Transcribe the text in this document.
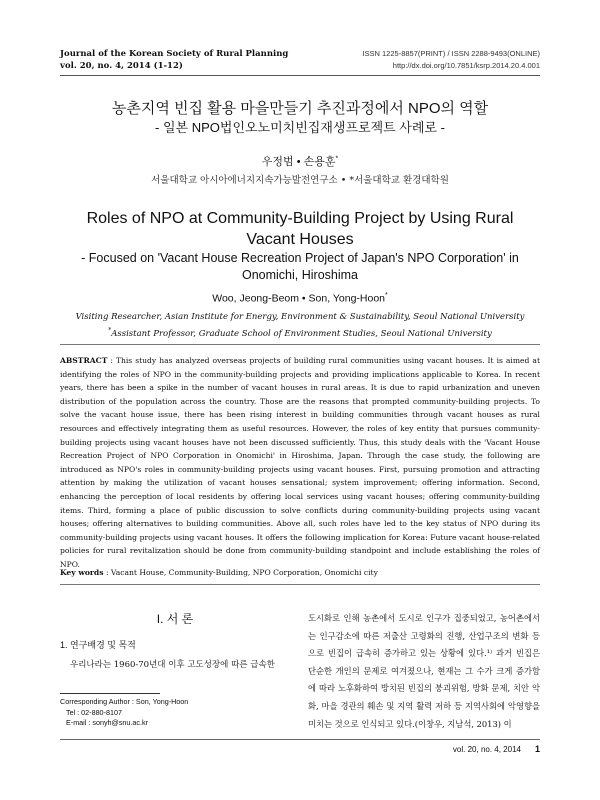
Journal of the Korean Society of Rural Planning
vol. 20, no. 4, 2014 (1-12)
ISSN 1225-8857(PRINT) / ISSN 2288-9493(ONLINE)
http://dx.doi.org/10.7851/ksrp.2014.20.4.001
농촌지역 빈집 활용 마을만들기 추진과정에서 NPO의 역할
- 일본 NPO법인오노미치빈집재생프로젝트 사례로 -
우정범 • 손용훈*
서울대학교 아시아에너지지속가능발전연구소 • *서울대학교 환경대학원
Roles of NPO at Community-Building Project by Using Rural Vacant Houses
- Focused on 'Vacant House Recreation Project of Japan's NPO Corporation' in Onomichi, Hiroshima
Woo, Jeong-Beom • Son, Yong-Hoon*
Visiting Researcher, Asian Institute for Energy, Environment & Sustainability, Seoul National University
*Assistant Professor, Graduate School of Environment Studies, Seoul National University
ABSTRACT : This study has analyzed overseas projects of building rural communities using vacant houses. It is aimed at identifying the roles of NPO in the community-building projects and providing implications applicable to Korea. In recent years, there has been a spike in the number of vacant houses in rural areas. It is due to rapid urbanization and uneven distribution of the population across the country. Those are the reasons that prompted community-building projects. To solve the vacant house issue, there has been rising interest in building communities through vacant houses as rural resources and effectively integrating them as useful resources. However, the roles of key entity that pursues community-building projects using vacant houses have not been discussed sufficiently. Thus, this study deals with the 'Vacant House Recreation Project of NPO Corporation in Onomichi' in Hiroshima, Japan. Through the case study, the following are introduced as NPO's roles in community-building projects using vacant houses. First, pursuing promotion and attracting attention by making the utilization of vacant houses sensational; system improvement; offering information. Second, enhancing the perception of local residents by offering local services using vacant houses; offering community-building items. Third, forming a place of public discussion to solve conflicts during community-building projects using vacant houses; offering alternatives to building communities. Above all, such roles have led to the key status of NPO during its community-building projects using vacant houses. It offers the following implication for Korea: Future vacant house-related policies for rural revitalization should be done from community-building standpoint and include establishing the roles of NPO.
Key words : Vacant House, Community-Building, NPO Corporation, Onomichi city
I. 서 론
1. 연구배경 및 목적
우리나라는 1960-70년대 이후 고도성장에 따른 급속한
Corresponding Author : Son, Yong-Hoon
Tel : 02-880-8107
E-mail : sonyh@snu.ac.kr
도시화로 인해 농촌에서 도시로 인구가 집중되었고, 농어촌에서는 인구감소에 따른 저출산 고령화의 진행, 산업구조의 변화 등으로 빈집이 급속히 증가하고 있는 상황에 있다.¹⁾ 과거 빈집은 단순한 개인의 문제로 여겨졌으나, 현재는 그 수가 크게 증가함에 따라 노후화하여 방치된 빈집의 붕괴위험, 방화 문제, 치안 악화, 마을 경관의 훼손 및 지역 활력 저하 등 지역사회에 악영향을 미치는 것으로 인식되고 있다.(이창우, 지남석, 2013) 이
vol. 20, no. 4, 2014 1
